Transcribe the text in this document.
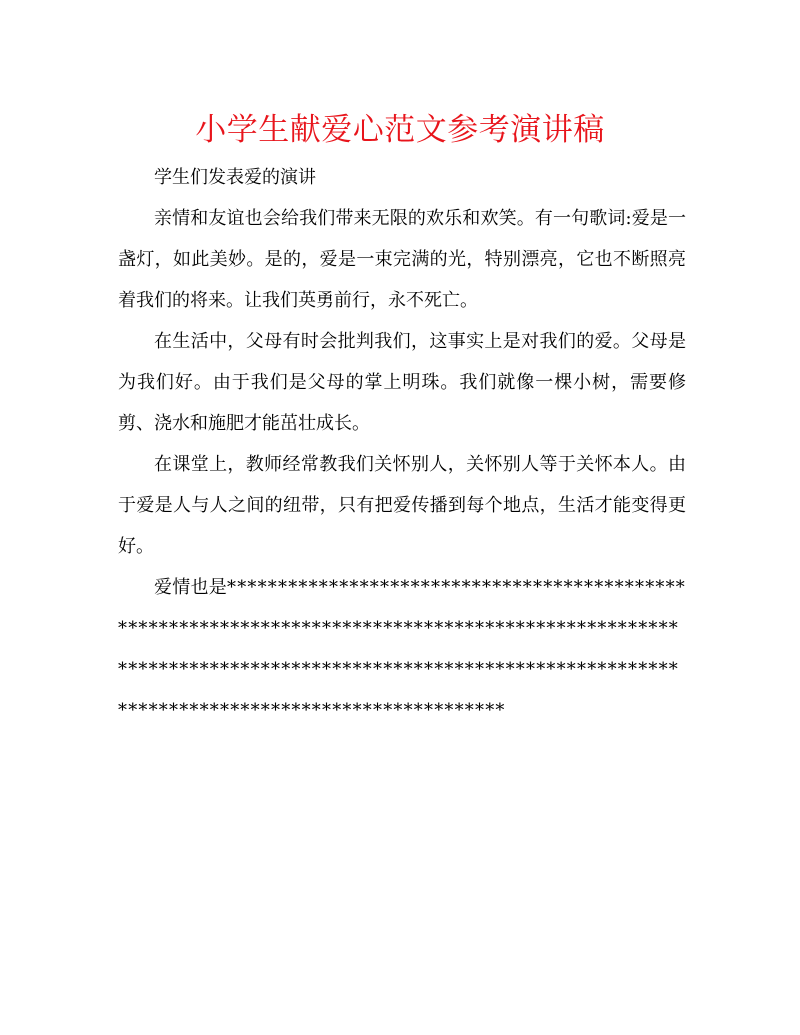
小学生献爱心范文参考演讲稿

学生们发表爱的演讲

亲情和友谊也会给我们带来无限的欢乐和欢笑。有一句歌词:爱是一盏灯，如此美妙。是的，爱是一束完满的光，特别漂亮，它也不断照亮着我们的将来。让我们英勇前行，永不死亡。

在生活中，父母有时会批判我们，这事实上是对我们的爱。父母是为我们好。由于我们是父母的掌上明珠。我们就像一棵小树，需要修剪、浇水和施肥才能茁壮成长。

在课堂上，教师经常教我们关怀别人，关怀别人等于关怀本人。由于爱是人与人之间的纽带，只有把爱传播到每个地点，生活才能变得更好。

爱情也是*************************************************************************************************************************************************************************************************
